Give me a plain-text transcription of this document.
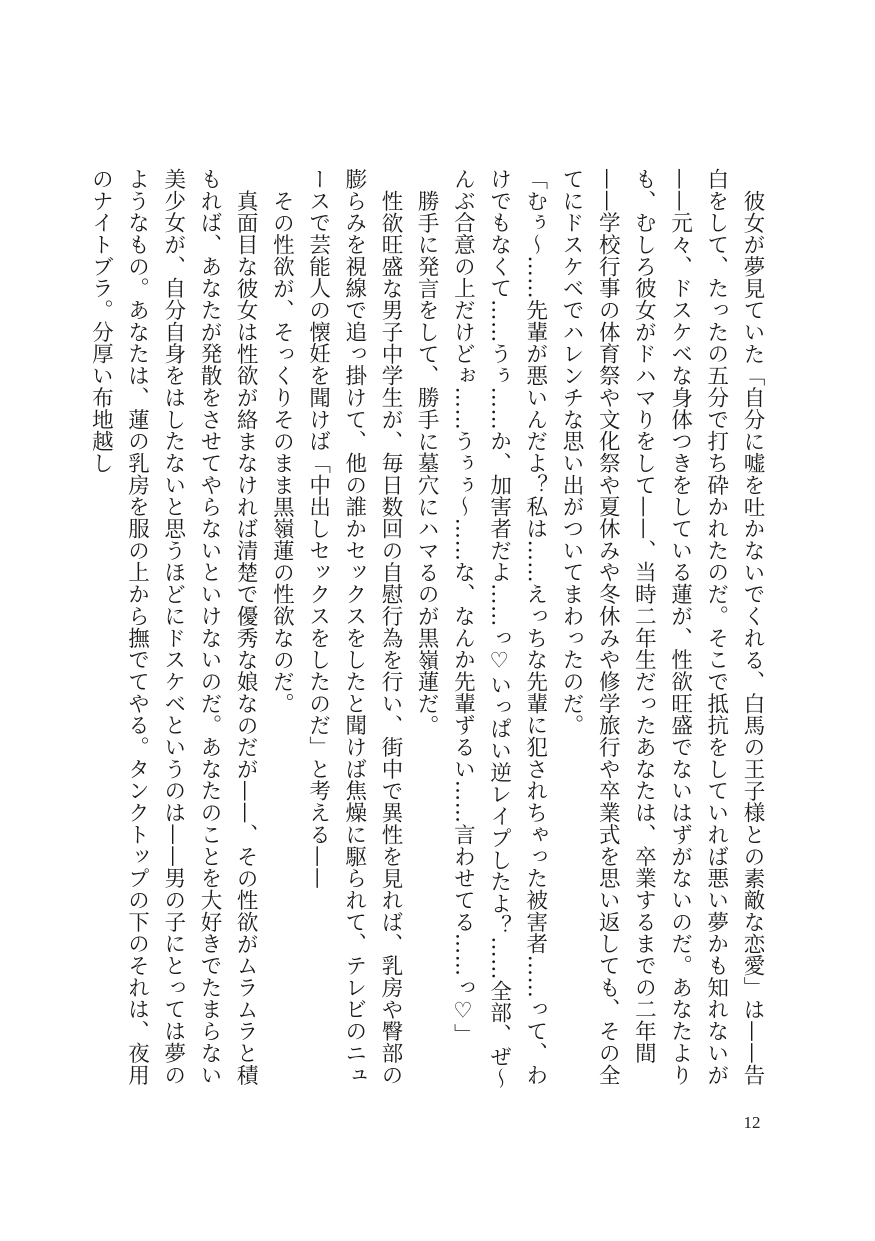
彼女が夢見ていた「自分に嘘を吐かないでくれる、白馬の王子様との素敵な恋愛」は——告白をして、たったの五分で打ち砕かれたのだ。そこで抵抗をしていれば悪い夢かも知れないが——元々、ドスケベな身体つきをしている蓮が、性欲旺盛でないはずがないのだ。あなたよりも、むしろ彼女がドハマりをして——、当時二年生だったあなたは、卒業するまでの二年間——学校行事の体育祭や文化祭や夏休みや冬休みや修学旅行や卒業式を思い返しても、その全てにドスケベでハレンチな思い出がついてまわったのだ。

「むぅ～……先輩が悪いんだよ？私は……えっちな先輩に犯されちゃった被害者……って、わけでもなくて……うぅ……か、加害者だよ……っ♡いっぱい逆レイプしたよ？……全部、ぜ～んぶ合意の上だけどぉ……うぅぅ～……な、なんか先輩ずるい……言わせてる……っ♡」

勝手に発言をして、勝手に墓穴にハマるのが黒嶺蓮だ。

性欲旺盛な男子中学生が、毎日数回の自慰行為を行い、街中で異性を見れば、乳房や臀部の膨らみを視線で追っ掛けて、他の誰かセックスをしたと聞けば焦燥に駆られて、テレビのニュースで芸能人の懐妊を聞けば「中出しセックスをしたのだ」と考える——

その性欲が、そっくりそのまま黒嶺蓮の性欲なのだ。

真面目な彼女は性欲が絡まなければ清楚で優秀な娘なのだが——、その性欲がムラムラと積もれば、あなたが発散をさせてやらないといけないのだ。あなたのことを大好きでたまらない美少女が、自分自身をはしたないと思うほどにドスケベというのは——男の子にとっては夢のようなもの。あなたは、蓮の乳房を服の上から撫でてやる。タンクトップの下のそれは、夜用のナイトブラ。分厚い布地越し

12
